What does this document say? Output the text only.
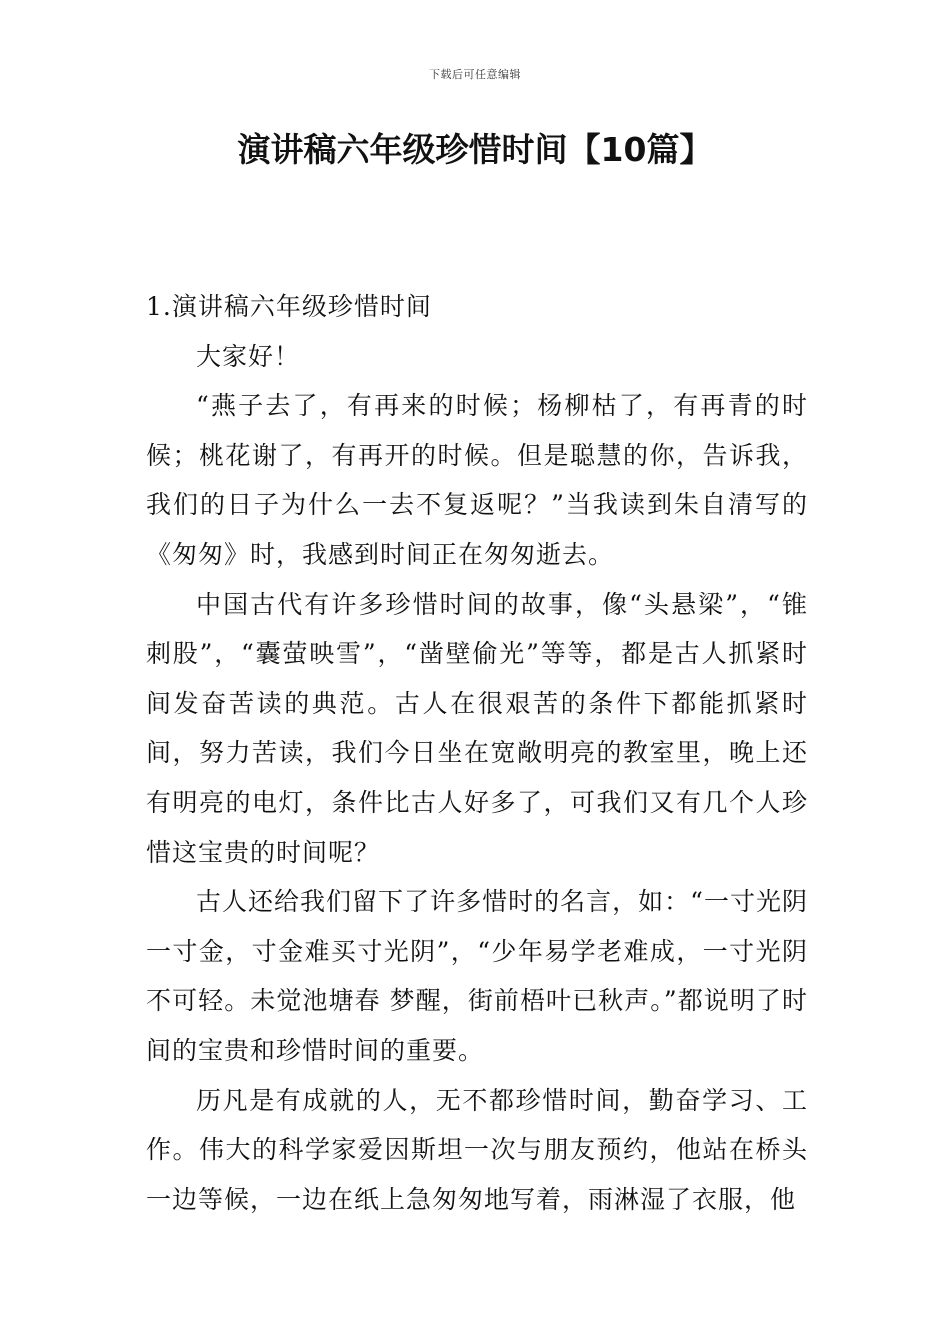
下载后可任意编辑
演讲稿六年级珍惜时间【10篇】
1.演讲稿六年级珍惜时间

大家好！

“燕子去了，有再来的时候；杨柳枯了，有再青的时候；桃花谢了，有再开的时候。但是聪慧的你，告诉我，我们的日子为什么一去不复返呢？”当我读到朱自清写的《匆匆》时，我感到时间正在匆匆逝去。

中国古代有许多珍惜时间的故事，像“头悬梁”，“锥刺股”，“囊萤映雪”，“凿壁偷光”等等，都是古人抓紧时间发奋苦读的典范。古人在很艰苦的条件下都能抓紧时间，努力苦读，我们今日坐在宽敞明亮的教室里，晚上还有明亮的电灯，条件比古人好多了，可我们又有几个人珍惜这宝贵的时间呢？

古人还给我们留下了许多惜时的名言，如：“一寸光阴一寸金，寸金难买寸光阴”，“少年易学老难成，一寸光阴不可轻。未觉池塘春 梦醒，街前梧叶已秋声。”都说明了时间的宝贵和珍惜时间的重要。

历凡是有成就的人，无不都珍惜时间，勤奋学习、工作。伟大的科学家爱因斯坦一次与朋友预约，他站在桥头一边等候，一边在纸上急匆匆地写着，雨淋湿了衣服，他
